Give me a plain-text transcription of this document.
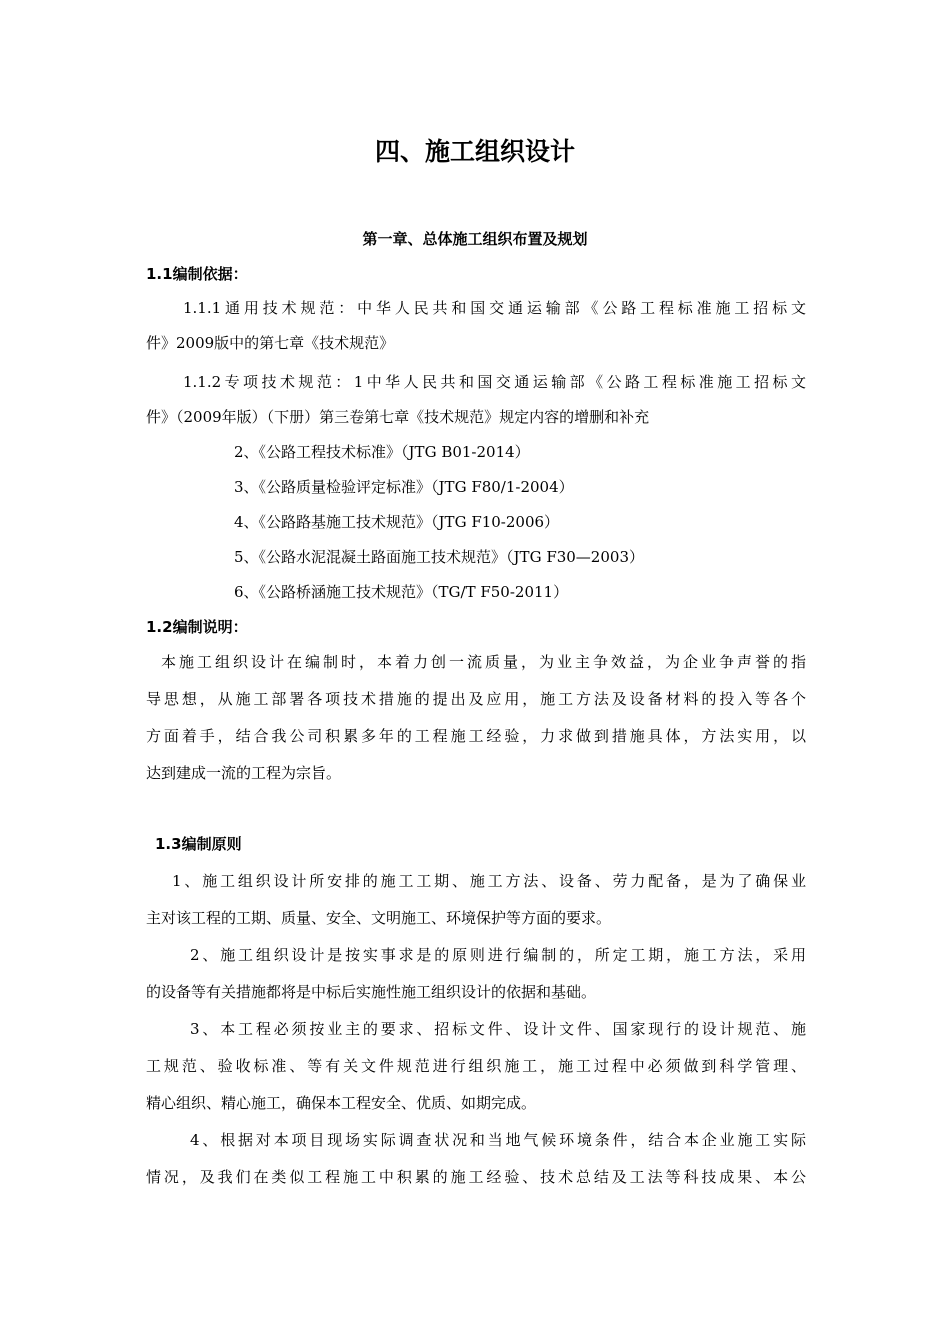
四、施工组织设计
第一章、总体施工组织布置及规划
1.1编制依据：
1.1.1通用技术规范：中华人民共和国交通运输部《公路工程标准施工招标文
件》2009版中的第七章《技术规范》
1.1.2专项技术规范：1中华人民共和国交通运输部《公路工程标准施工招标文
件》（2009年版）（下册）第三卷第七章《技术规范》规定内容的增删和补充
2、《公路工程技术标准》（JTG B01-2014）
3、《公路质量检验评定标准》（JTG F80/1-2004）
4、《公路路基施工技术规范》（JTG F10-2006）
5、《公路水泥混凝土路面施工技术规范》（JTG F30—2003）
6、《公路桥涵施工技术规范》（TG/T F50-2011）
1.2编制说明：
本施工组织设计在编制时，本着力创一流质量，为业主争效益，为企业争声誉的指
导思想，从施工部署各项技术措施的提出及应用，施工方法及设备材料的投入等各个
方面着手，结合我公司积累多年的工程施工经验，力求做到措施具体，方法实用，以
达到建成一流的工程为宗旨。
1.3编制原则
1、施工组织设计所安排的施工工期、施工方法、设备、劳力配备，是为了确保业
主对该工程的工期、质量、安全、文明施工、环境保护等方面的要求。
2、施工组织设计是按实事求是的原则进行编制的，所定工期，施工方法，采用
的设备等有关措施都将是中标后实施性施工组织设计的依据和基础。
3、本工程必须按业主的要求、招标文件、设计文件、国家现行的设计规范、施
工规范、验收标准、等有关文件规范进行组织施工，施工过程中必须做到科学管理、
精心组织、精心施工，确保本工程安全、优质、如期完成。
4、根据对本项目现场实际调查状况和当地气候环境条件，结合本企业施工实际
情况，及我们在类似工程施工中积累的施工经验、技术总结及工法等科技成果、本公
